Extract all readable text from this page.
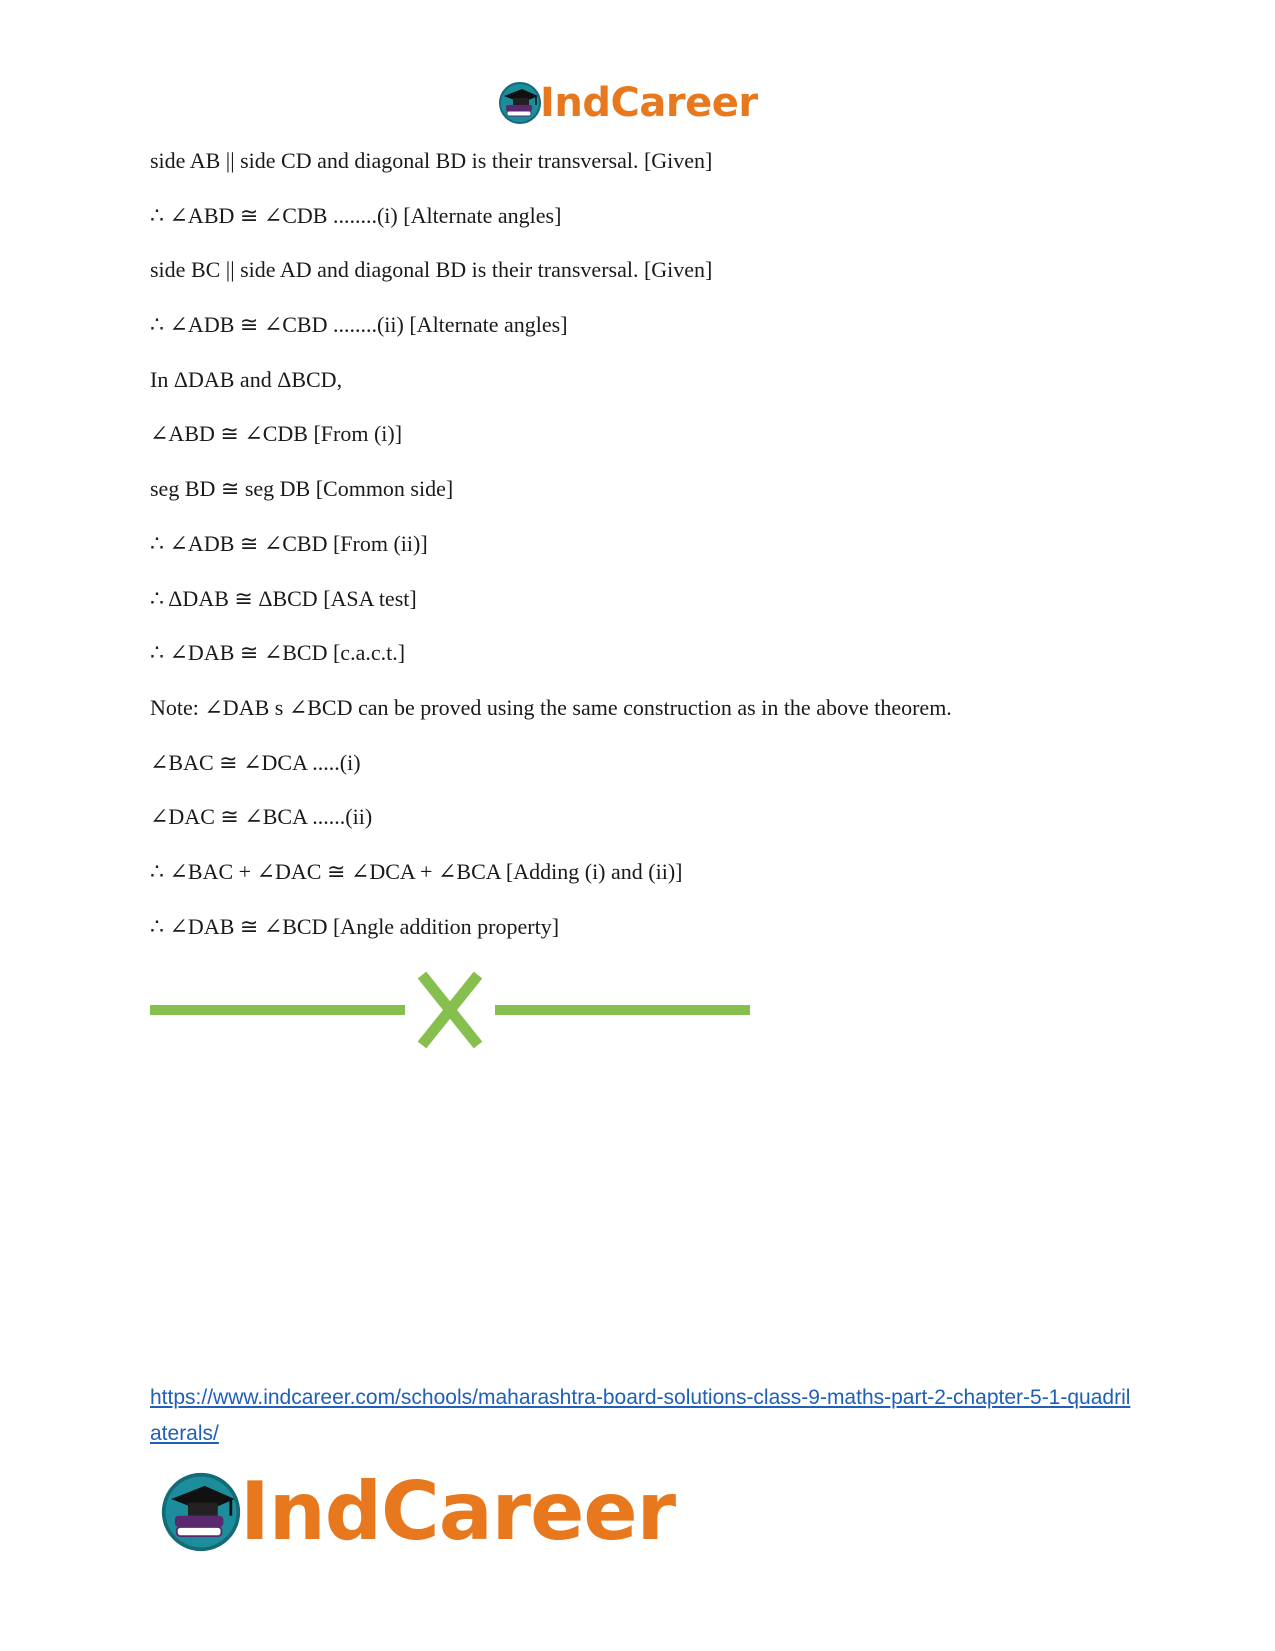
IndCareer
side AB || side CD and diagonal BD is their transversal. [Given]
∴ ∠ABD ≅ ∠CDB ........(i) [Alternate angles]
side BC || side AD and diagonal BD is their transversal. [Given]
∴ ∠ADB ≅ ∠CBD ........(ii) [Alternate angles]
In ΔDAB and ΔBCD,
∠ABD ≅ ∠CDB [From (i)]
seg BD ≅ seg DB [Common side]
∴ ∠ADB ≅ ∠CBD [From (ii)]
∴ ΔDAB ≅ ΔBCD [ASA test]
∴ ∠DAB ≅ ∠BCD [c.a.c.t.]
Note: ∠DAB s ∠BCD can be proved using the same construction as in the above theorem.
∠BAC ≅ ∠DCA .....(i)
∠DAC ≅ ∠BCA ......(ii)
∴ ∠BAC + ∠DAC ≅ ∠DCA + ∠BCA [Adding (i) and (ii)]
∴ ∠DAB ≅ ∠BCD [Angle addition property]
https://www.indcareer.com/schools/maharashtra-board-solutions-class-9-maths-part-2-chapter-5-1-quadrilaterals/
IndCareer
